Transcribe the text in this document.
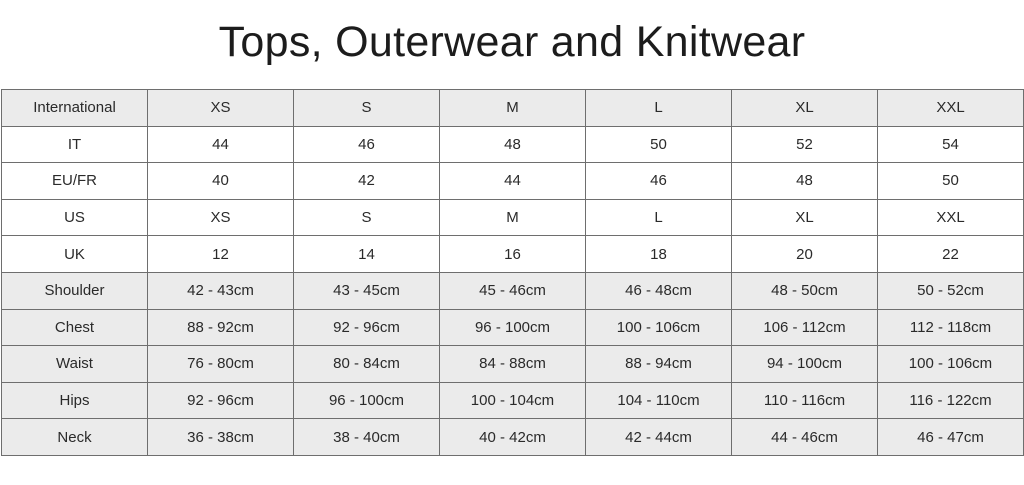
Tops, Outerwear and Knitwear
International	XS	S	M	L	XL	XXL
IT	44	46	48	50	52	54
EU/FR	40	42	44	46	48	50
US	XS	S	M	L	XL	XXL
UK	12	14	16	18	20	22
Shoulder	42 - 43cm	43 - 45cm	45 - 46cm	46 - 48cm	48 - 50cm	50 - 52cm
Chest	88 - 92cm	92 - 96cm	96 - 100cm	100 - 106cm	106 - 112cm	112 - 118cm
Waist	76 - 80cm	80 - 84cm	84 - 88cm	88 - 94cm	94 - 100cm	100 - 106cm
Hips	92 - 96cm	96 - 100cm	100 - 104cm	104 - 110cm	110 - 116cm	116 - 122cm
Neck	36 - 38cm	38 - 40cm	40 - 42cm	42 - 44cm	44 - 46cm	46 - 47cm
